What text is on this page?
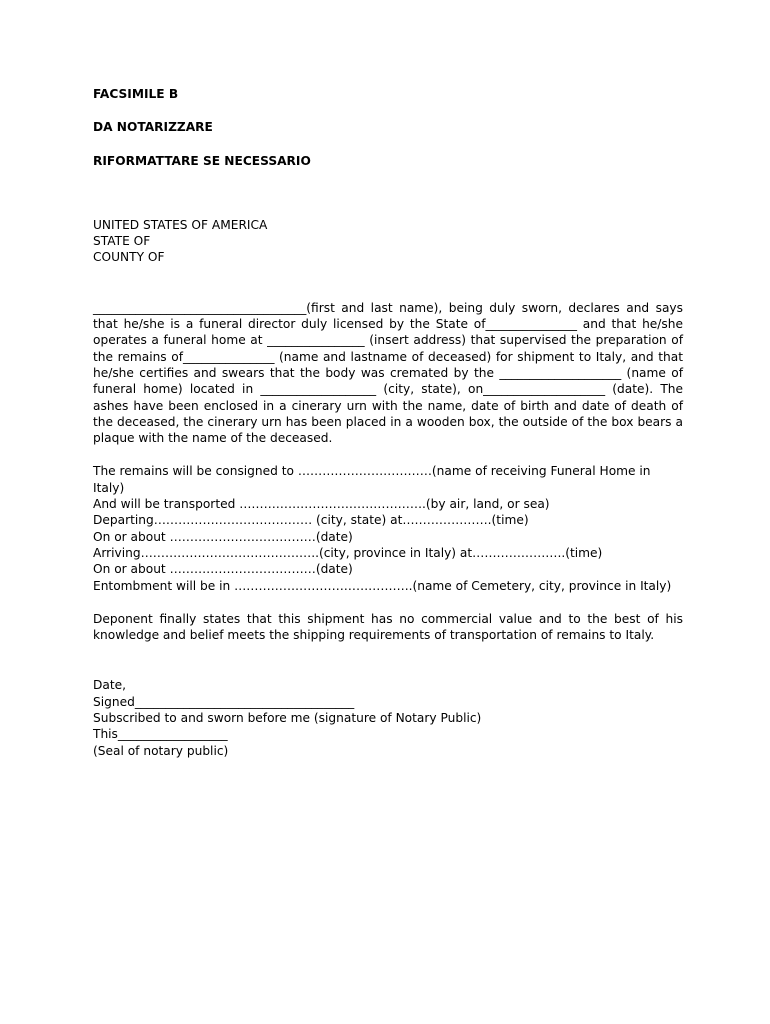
FACSIMILE B

DA NOTARIZZARE

RIFORMATTARE SE NECESSARIO

UNITED STATES OF AMERICA
STATE OF
COUNTY OF

___________________________________(first and last name), being duly sworn, declares and says that he/she is a funeral director duly licensed by the State of_______________ and that he/she operates a funeral home at ________________ (insert address) that supervised the preparation of the remains of_______________ (name and lastname of deceased) for shipment to Italy, and that he/she certifies and swears that the body was cremated by the ____________________ (name of funeral home) located in ___________________ (city, state), on____________________ (date). The ashes have been enclosed in a cinerary urn with the name, date of birth and date of death of the deceased, the cinerary urn has been placed in a wooden box, the outside of the box bears a plaque with the name of the deceased.

The remains will be consigned to ……………………………(name of receiving Funeral Home in Italy)
And will be transported ……………………………………….(by air, land, or sea)
Departing………………………………… (city, state) at………………….(time)
On or about ………………………………(date)
Arriving……………………………………..(city, province in Italy) at…………………..(time)
On or about ………………………………(date)
Entombment will be in ……………………………………..(name of Cemetery, city, province in Italy)

Deponent finally states that this shipment has no commercial value and to the best of his knowledge and belief meets the shipping requirements of transportation of remains to Italy.

Date,
Signed____________________________________
Subscribed to and sworn before me (signature of Notary Public)
This__________________
(Seal of notary public)
